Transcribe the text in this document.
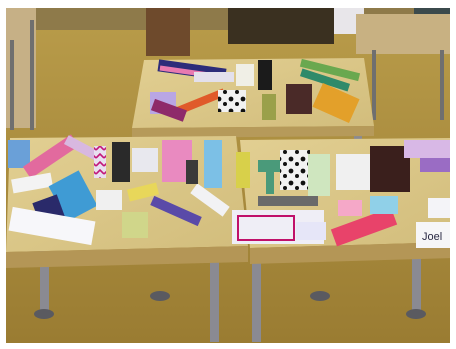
Joel
